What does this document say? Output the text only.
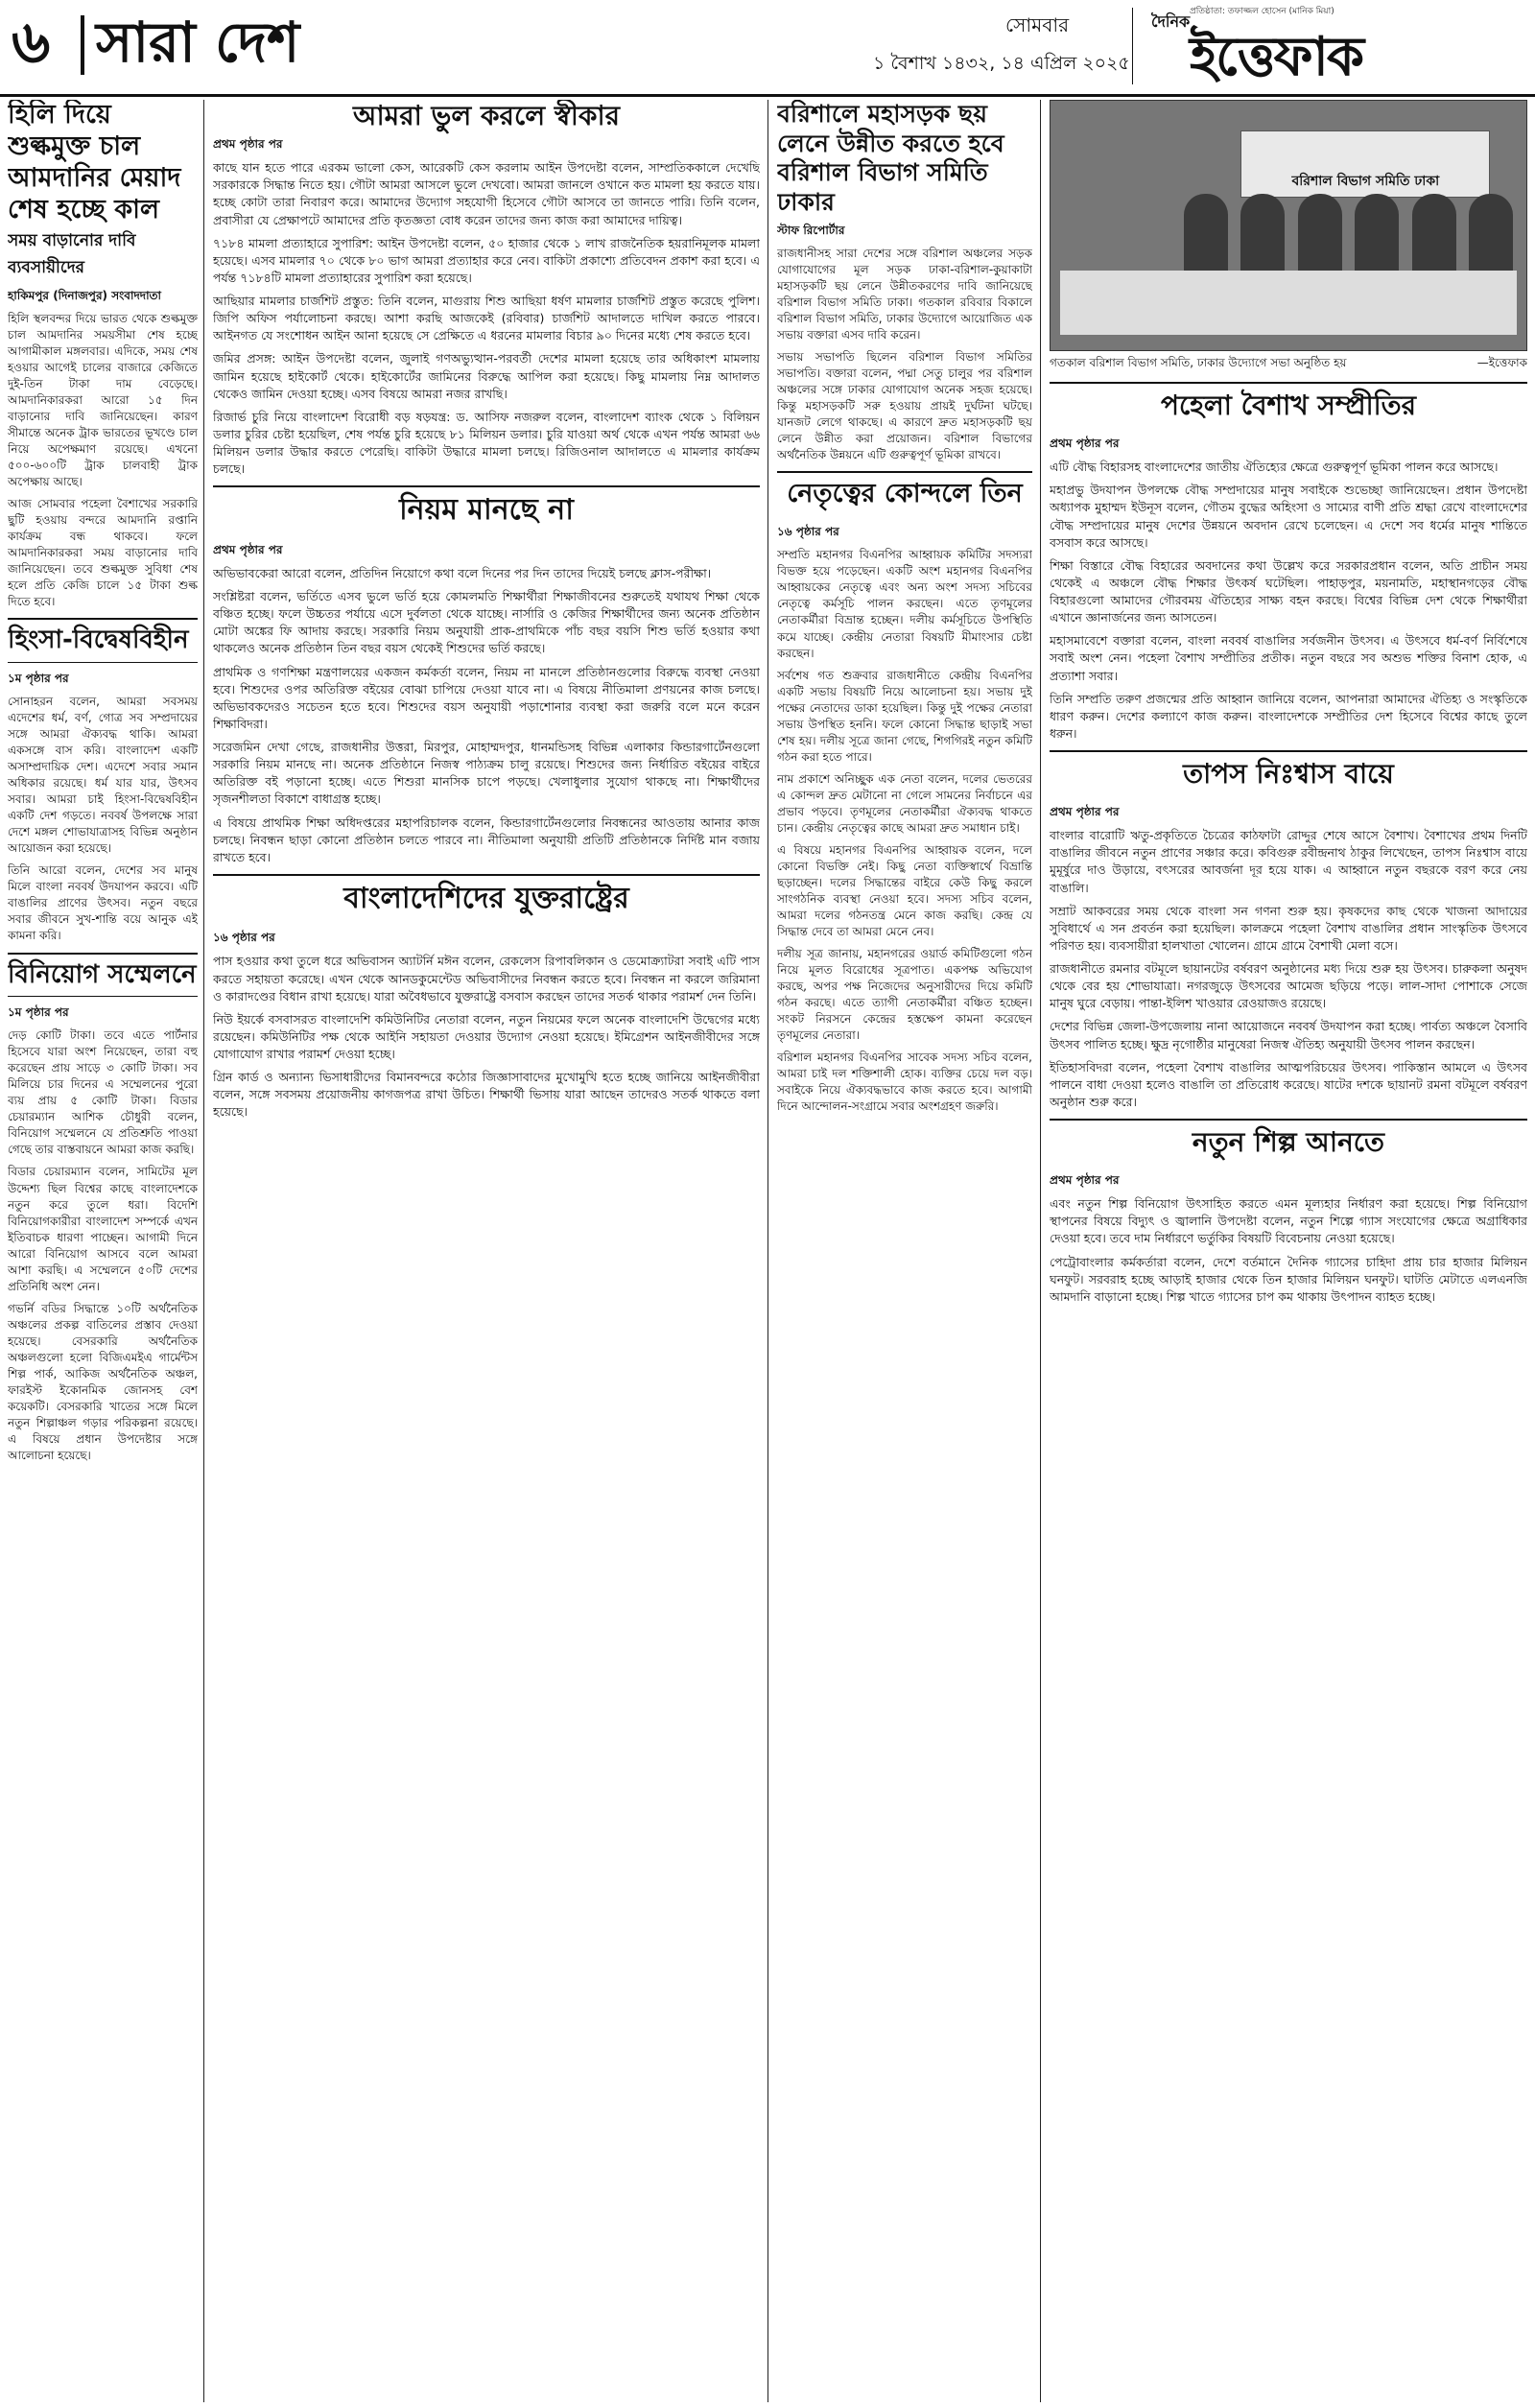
৬ সারা দেশ	সোমবার
১ বৈশাখ ১৪৩২, ১৪ এপ্রিল ২০২৫
দৈনিক
প্রতিষ্ঠাতা: তফাজ্জল হোসেন (মানিক মিয়া)
ইত্তেফাক
হিলি দিয়ে শুল্কমুক্ত চাল আমদানির মেয়াদ
শেষ হচ্ছে কাল
সময় বাড়ানোর দাবি ব্যবসায়ীদের
হাকিমপুর (দিনাজপুর) সংবাদদাতা

হিলি স্থলবন্দর দিয়ে ভারত থেকে শুল্কমুক্ত চাল আমদানির সময়সীমা শেষ হচ্ছে আগামীকাল মঙ্গলবার। এদিকে, সময় শেষ হওয়ার আগেই চালের বাজারে কেজিতে দুই-তিন টাকা দাম বেড়েছে। আমদানিকারকরা আরো ১৫ দিন বাড়ানোর দাবি জানিয়েছেন। কারণ সীমান্তে অনেক ট্রাক ভারতের ভূখণ্ডে চাল নিয়ে অপেক্ষমাণ রয়েছে। এখনো ৫০০-৬০০টি ট্রাক চালবাহী ট্রাক অপেক্ষায় আছে।

আজ সোমবার পহেলা বৈশাখের সরকারি ছুটি হওয়ায় বন্দরে আমদানি রপ্তানি কার্যক্রম বন্ধ থাকবে। ফলে আমদানিকারকরা সময় বাড়ানোর দাবি জানিয়েছেন। তবে শুল্কমুক্ত সুবিধা শেষ হলে প্রতি কেজি চালে ১৫ টাকা শুল্ক দিতে হবে।

হিংসা-বিদ্বেষবিহীন
১ম পৃষ্ঠার পর

সোনাহরন বলেন, আমরা সবসময় এদেশের ধর্ম, বর্ণ, গোত্র সব সম্প্রদায়ের সঙ্গে আমরা ঐক্যবদ্ধ থাকি। আমরা একসঙ্গে বাস করি। বাংলাদেশ একটি অসাম্প্রদায়িক দেশ। এদেশে সবার সমান অধিকার রয়েছে। ধর্ম যার যার, উৎসব সবার। আমরা চাই হিংসা-বিদ্বেষবিহীন একটি দেশ গড়তে। নববর্ষ উপলক্ষে সারা দেশে মঙ্গল শোভাযাত্রাসহ বিভিন্ন অনুষ্ঠান আয়োজন করা হয়েছে।

তিনি আরো বলেন, দেশের সব মানুষ মিলে বাংলা নববর্ষ উদযাপন করবে। এটি বাঙালির প্রাণের উৎসব। নতুন বছরে সবার জীবনে সুখ-শান্তি বয়ে আনুক এই কামনা করি।

বিনিয়োগ সম্মেলনে
১ম পৃষ্ঠার পর

দেড় কোটি টাকা। তবে এতে পার্টনার হিসেবে যারা অংশ নিয়েছেন, তারা বহু করেছেন প্রায় সাড়ে ৩ কোটি টাকা। সব মিলিয়ে চার দিনের এ সম্মেলনের পুরো ব্যয় প্রায় ৫ কোটি টাকা। বিডার চেয়ারম্যান আশিক চৌধুরী বলেন, বিনিয়োগ সম্মেলনে যে প্রতিশ্রুতি পাওয়া গেছে তার বাস্তবায়নে আমরা কাজ করছি।

বিডার চেয়ারম্যান বলেন, সামিটের মূল উদ্দেশ্য ছিল বিশ্বের কাছে বাংলাদেশকে নতুন করে তুলে ধরা। বিদেশি বিনিয়োগকারীরা বাংলাদেশ সম্পর্কে এখন ইতিবাচক ধারণা পাচ্ছেন। আগামী দিনে আরো বিনিয়োগ আসবে বলে আমরা আশা করছি। এ সম্মেলনে ৫০টি দেশের প্রতিনিধি অংশ নেন।

গভর্নি বডির সিদ্ধান্তে ১০টি অর্থনৈতিক অঞ্চলের প্রকল্প বাতিলের প্রস্তাব দেওয়া হয়েছে। বেসরকারি অর্থনৈতিক অঞ্চলগুলো হলো বিজিএমইএ গার্মেন্টস শিল্প পার্ক, আকিজ অর্থনৈতিক অঞ্চল, ফারইস্ট ইকোনমিক জোনসহ বেশ কয়েকটি। বেসরকারি খাতের সঙ্গে মিলে নতুন শিল্পাঞ্চল গড়ার পরিকল্পনা রয়েছে। এ বিষয়ে প্রধান উপদেষ্টার সঙ্গে আলোচনা হয়েছে।

আমরা ভুল করলে স্বীকার
প্রথম পৃষ্ঠার পর

কাছে যান হতে পারে এরকম ভালো কেস, আরেকটি কেস করলাম আইন উপদেষ্টা বলেন, সাম্প্রতিককালে দেখেছি সরকারকে সিদ্ধান্ত নিতে হয়। গৌটা আমরা আসলে ভুলে দেখবো। আমরা জানলে ওখানে কত মামলা হয় করতে যায়। হচ্ছে কোটা তারা নিবারণ করে। আমাদের উদ্যোগ সহযোগী হিসেবে গৌটা আসবে তা জানতে পারি। তিনি বলেন, প্রবাসীরা যে প্রেক্ষাপটে আমাদের প্রতি কৃতজ্ঞতা বোধ করেন তাদের জন্য কাজ করা আমাদের দায়িত্ব।

৭১৮৪ মামলা প্রত্যাহারে সুপারিশ: আইন উপদেষ্টা বলেন, ৫০ হাজার থেকে ১ লাখ রাজনৈতিক হয়রানিমূলক মামলা হয়েছে। এসব মামলার ৭০ থেকে ৮০ ভাগ আমরা প্রত্যাহার করে নেব। বাকিটা প্রকাশ্যে প্রতিবেদন প্রকাশ করা হবে। এ পর্যন্ত ৭১৮৪টি মামলা প্রত্যাহারের সুপারিশ করা হয়েছে।

আছিয়ার মামলার চার্জশিট প্রস্তুত: তিনি বলেন, মাগুরায় শিশু আছিয়া ধর্ষণ মামলার চার্জশিট প্রস্তুত করেছে পুলিশ। জিপি অফিস পর্যালোচনা করছে। আশা করছি আজকেই (রবিবার) চার্জশিট আদালতে দাখিল করতে পারবে। আইনগত যে সংশোধন আইন আনা হয়েছে সে প্রেক্ষিতে এ ধরনের মামলার বিচার ৯০ দিনের মধ্যে শেষ করতে হবে।

জমির প্রসঙ্গ: আইন উপদেষ্টা বলেন, জুলাই গণঅভ্যুত্থান-পরবর্তী দেশের মামলা হয়েছে তার অধিকাংশ মামলায় জামিন হয়েছে হাইকোর্ট থেকে। হাইকোর্টের জামিনের বিরুদ্ধে আপিল করা হয়েছে। কিছু মামলায় নিম্ন আদালত থেকেও জামিন দেওয়া হচ্ছে। এসব বিষয়ে আমরা নজর রাখছি।

রিজার্ভ চুরি নিয়ে বাংলাদেশ বিরোধী বড় ষড়যন্ত্র: ড. আসিফ নজরুল বলেন, বাংলাদেশ ব্যাংক থেকে ১ বিলিয়ন ডলার চুরির চেষ্টা হয়েছিল, শেষ পর্যন্ত চুরি হয়েছে ৮১ মিলিয়ন ডলার। চুরি যাওয়া অর্থ থেকে এখন পর্যন্ত আমরা ৬৬ মিলিয়ন ডলার উদ্ধার করতে পেরেছি। বাকিটা উদ্ধারে মামলা চলছে। রিজিওনাল আদালতে এ মামলার কার্যক্রম চলছে।

নিয়ম মানছে না
প্রথম পৃষ্ঠার পর

অভিভাবকেরা আরো বলেন, প্রতিদিন নিয়োগে কথা বলে দিনের পর দিন তাদের দিয়েই চলছে ক্লাস-পরীক্ষা।

সংশ্লিষ্টরা বলেন, ভর্তিতে এসব ভুলে ভর্তি হয়ে কোমলমতি শিক্ষার্থীরা শিক্ষাজীবনের শুরুতেই যথাযথ শিক্ষা থেকে বঞ্চিত হচ্ছে। ফলে উচ্চতর পর্যায়ে এসে দুর্বলতা থেকে যাচ্ছে। নার্সারি ও কেজির শিক্ষার্থীদের জন্য অনেক প্রতিষ্ঠান মোটা অঙ্কের ফি আদায় করছে। সরকারি নিয়ম অনুযায়ী প্রাক-প্রাথমিকে পাঁচ বছর বয়সি শিশু ভর্তি হওয়ার কথা থাকলেও অনেক প্রতিষ্ঠান তিন বছর বয়স থেকেই শিশুদের ভর্তি করছে।

প্রাথমিক ও গণশিক্ষা মন্ত্রণালয়ের একজন কর্মকর্তা বলেন, নিয়ম না মানলে প্রতিষ্ঠানগুলোর বিরুদ্ধে ব্যবস্থা নেওয়া হবে। শিশুদের ওপর অতিরিক্ত বইয়ের বোঝা চাপিয়ে দেওয়া যাবে না। এ বিষয়ে নীতিমালা প্রণয়নের কাজ চলছে। অভিভাবকদেরও সচেতন হতে হবে। শিশুদের বয়স অনুযায়ী পড়াশোনার ব্যবস্থা করা জরুরি বলে মনে করেন শিক্ষাবিদরা।

সরেজমিন দেখা গেছে, রাজধানীর উত্তরা, মিরপুর, মোহাম্মদপুর, ধানমন্ডিসহ বিভিন্ন এলাকার কিন্ডারগার্টেনগুলো সরকারি নিয়ম মানছে না। অনেক প্রতিষ্ঠানে নিজস্ব পাঠ্যক্রম চালু রয়েছে। শিশুদের জন্য নির্ধারিত বইয়ের বাইরে অতিরিক্ত বই পড়ানো হচ্ছে। এতে শিশুরা মানসিক চাপে পড়ছে। খেলাধুলার সুযোগ থাকছে না। শিক্ষার্থীদের সৃজনশীলতা বিকাশে বাধাগ্রস্ত হচ্ছে।

এ বিষয়ে প্রাথমিক শিক্ষা অধিদপ্তরের মহাপরিচালক বলেন, কিন্ডারগার্টেনগুলোর নিবন্ধনের আওতায় আনার কাজ চলছে। নিবন্ধন ছাড়া কোনো প্রতিষ্ঠান চলতে পারবে না। নীতিমালা অনুযায়ী প্রতিটি প্রতিষ্ঠানকে নির্দিষ্ট মান বজায় রাখতে হবে।

বাংলাদেশিদের যুক্তরাষ্ট্রের
১৬ পৃষ্ঠার পর

পাস হওয়ার কথা তুলে ধরে অভিবাসন অ্যাটর্নি মঈন বলেন, রেকলেস রিপাবলিকান ও ডেমোক্র্যাটরা সবাই এটি পাস করতে সহায়তা করেছে। এখন থেকে আনডকুমেন্টেড অভিবাসীদের নিবন্ধন করতে হবে। নিবন্ধন না করলে জরিমানা ও কারাদণ্ডের বিধান রাখা হয়েছে। যারা অবৈধভাবে যুক্তরাষ্ট্রে বসবাস করছেন তাদের সতর্ক থাকার পরামর্শ দেন তিনি।

নিউ ইয়র্কে বসবাসরত বাংলাদেশি কমিউনিটির নেতারা বলেন, নতুন নিয়মের ফলে অনেক বাংলাদেশি উদ্বেগের মধ্যে রয়েছেন। কমিউনিটির পক্ষ থেকে আইনি সহায়তা দেওয়ার উদ্যোগ নেওয়া হয়েছে। ইমিগ্রেশন আইনজীবীদের সঙ্গে যোগাযোগ রাখার পরামর্শ দেওয়া হচ্ছে।

গ্রিন কার্ড ও অন্যান্য ভিসাধারীদের বিমানবন্দরে কঠোর জিজ্ঞাসাবাদের মুখোমুখি হতে হচ্ছে জানিয়ে আইনজীবীরা বলেন, সঙ্গে সবসময় প্রয়োজনীয় কাগজপত্র রাখা উচিত। শিক্ষার্থী ভিসায় যারা আছেন তাদেরও সতর্ক থাকতে বলা হয়েছে।

বরিশালে মহাসড়ক ছয় লেনে উন্নীত করতে হবে বরিশাল বিভাগ সমিতি ঢাকার
স্টাফ রিপোর্টার

রাজধানীসহ সারা দেশের সঙ্গে বরিশাল অঞ্চলের সড়ক যোগাযোগের মূল সড়ক ঢাকা-বরিশাল-কুয়াকাটা মহাসড়কটি ছয় লেনে উন্নীতকরণের দাবি জানিয়েছে বরিশাল বিভাগ সমিতি ঢাকা। গতকাল রবিবার বিকালে বরিশাল বিভাগ সমিতি, ঢাকার উদ্যোগে আয়োজিত এক সভায় বক্তারা এসব দাবি করেন।

সভায় সভাপতি ছিলেন বরিশাল বিভাগ সমিতির সভাপতি। বক্তারা বলেন, পদ্মা সেতু চালুর পর বরিশাল অঞ্চলের সঙ্গে ঢাকার যোগাযোগ অনেক সহজ হয়েছে। কিন্তু মহাসড়কটি সরু হওয়ায় প্রায়ই দুর্ঘটনা ঘটছে। যানজট লেগে থাকছে। এ কারণে দ্রুত মহাসড়কটি ছয় লেনে উন্নীত করা প্রয়োজন। বরিশাল বিভাগের অর্থনৈতিক উন্নয়নে এটি গুরুত্বপূর্ণ ভূমিকা রাখবে।

নেতৃত্বের কোন্দলে তিন
১৬ পৃষ্ঠার পর

সম্প্রতি মহানগর বিএনপির আহ্বায়ক কমিটির সদস্যরা বিভক্ত হয়ে পড়েছেন। একটি অংশ মহানগর বিএনপির আহ্বায়কের নেতৃত্বে এবং অন্য অংশ সদস্য সচিবের নেতৃত্বে কর্মসূচি পালন করছেন। এতে তৃণমূলের নেতাকর্মীরা বিভ্রান্ত হচ্ছেন। দলীয় কর্মসূচিতে উপস্থিতি কমে যাচ্ছে। কেন্দ্রীয় নেতারা বিষয়টি মীমাংসার চেষ্টা করছেন।

সর্বশেষ গত শুক্রবার রাজধানীতে কেন্দ্রীয় বিএনপির একটি সভায় বিষয়টি নিয়ে আলোচনা হয়। সভায় দুই পক্ষের নেতাদের ডাকা হয়েছিল। কিন্তু দুই পক্ষের নেতারা সভায় উপস্থিত হননি। ফলে কোনো সিদ্ধান্ত ছাড়াই সভা শেষ হয়। দলীয় সূত্রে জানা গেছে, শিগগিরই নতুন কমিটি গঠন করা হতে পারে।

নাম প্রকাশে অনিচ্ছুক এক নেতা বলেন, দলের ভেতরের এ কোন্দল দ্রুত মেটানো না গেলে সামনের নির্বাচনে এর প্রভাব পড়বে। তৃণমূলের নেতাকর্মীরা ঐক্যবদ্ধ থাকতে চান। কেন্দ্রীয় নেতৃত্বের কাছে আমরা দ্রুত সমাধান চাই।

এ বিষয়ে মহানগর বিএনপির আহ্বায়ক বলেন, দলে কোনো বিভক্তি নেই। কিছু নেতা ব্যক্তিস্বার্থে বিভ্রান্তি ছড়াচ্ছেন। দলের সিদ্ধান্তের বাইরে কেউ কিছু করলে সাংগঠনিক ব্যবস্থা নেওয়া হবে। সদস্য সচিব বলেন, আমরা দলের গঠনতন্ত্র মেনে কাজ করছি। কেন্দ্র যে সিদ্ধান্ত দেবে তা আমরা মেনে নেব।

দলীয় সূত্র জানায়, মহানগরের ওয়ার্ড কমিটিগুলো গঠন নিয়ে মূলত বিরোধের সূত্রপাত। একপক্ষ অভিযোগ করছে, অপর পক্ষ নিজেদের অনুসারীদের দিয়ে কমিটি গঠন করছে। এতে ত্যাগী নেতাকর্মীরা বঞ্চিত হচ্ছেন। সংকট নিরসনে কেন্দ্রের হস্তক্ষেপ কামনা করেছেন তৃণমূলের নেতারা।

বরিশাল মহানগর বিএনপির সাবেক সদস্য সচিব বলেন, আমরা চাই দল শক্তিশালী হোক। ব্যক্তির চেয়ে দল বড়। সবাইকে নিয়ে ঐক্যবদ্ধভাবে কাজ করতে হবে। আগামী দিনে আন্দোলন-সংগ্রামে সবার অংশগ্রহণ জরুরি।

বরিশাল বিভাগ সমিতি ঢাকা
গতকাল বরিশাল বিভাগ সমিতি, ঢাকার উদ্যোগে সভা অনুষ্ঠিত হয়	—ইত্তেফাক
পহেলা বৈশাখ সম্প্রীতির
প্রথম পৃষ্ঠার পর

এটি বৌদ্ধ বিহারসহ বাংলাদেশের জাতীয় ঐতিহ্যের ক্ষেত্রে গুরুত্বপূর্ণ ভূমিকা পালন করে আসছে।

মহাপ্রভু উদযাপন উপলক্ষে বৌদ্ধ সম্প্রদায়ের মানুষ সবাইকে শুভেচ্ছা জানিয়েছেন। প্রধান উপদেষ্টা অধ্যাপক মুহাম্মদ ইউনূস বলেন, গৌতম বুদ্ধের অহিংসা ও সাম্যের বাণী প্রতি শ্রদ্ধা রেখে বাংলাদেশের বৌদ্ধ সম্প্রদায়ের মানুষ দেশের উন্নয়নে অবদান রেখে চলেছেন। এ দেশে সব ধর্মের মানুষ শান্তিতে বসবাস করে আসছে।

শিক্ষা বিস্তারে বৌদ্ধ বিহারের অবদানের কথা উল্লেখ করে সরকারপ্রধান বলেন, অতি প্রাচীন সময় থেকেই এ অঞ্চলে বৌদ্ধ শিক্ষার উৎকর্ষ ঘটেছিল। পাহাড়পুর, ময়নামতি, মহাস্থানগড়ের বৌদ্ধ বিহারগুলো আমাদের গৌরবময় ঐতিহ্যের সাক্ষ্য বহন করছে। বিশ্বের বিভিন্ন দেশ থেকে শিক্ষার্থীরা এখানে জ্ঞানার্জনের জন্য আসতেন।

মহাসমাবেশে বক্তারা বলেন, বাংলা নববর্ষ বাঙালির সর্বজনীন উৎসব। এ উৎসবে ধর্ম-বর্ণ নির্বিশেষে সবাই অংশ নেন। পহেলা বৈশাখ সম্প্রীতির প্রতীক। নতুন বছরে সব অশুভ শক্তির বিনাশ হোক, এ প্রত্যাশা সবার।

তিনি সম্প্রতি তরুণ প্রজন্মের প্রতি আহ্বান জানিয়ে বলেন, আপনারা আমাদের ঐতিহ্য ও সংস্কৃতিকে ধারণ করুন। দেশের কল্যাণে কাজ করুন। বাংলাদেশকে সম্প্রীতির দেশ হিসেবে বিশ্বের কাছে তুলে ধরুন।

তাপস নিঃশ্বাস বায়ে
প্রথম পৃষ্ঠার পর

বাংলার বারোটি ঋতু-প্রকৃতিতে চৈত্রের কাঠফাটা রোদ্দুর শেষে আসে বৈশাখ। বৈশাখের প্রথম দিনটি বাঙালির জীবনে নতুন প্রাণের সঞ্চার করে। কবিগুরু রবীন্দ্রনাথ ঠাকুর লিখেছেন, তাপস নিঃশ্বাস বায়ে মুমূর্ষুরে দাও উড়ায়ে, বৎসরের আবর্জনা দূর হয়ে যাক। এ আহ্বানে নতুন বছরকে বরণ করে নেয় বাঙালি।

সম্রাট আকবরের সময় থেকে বাংলা সন গণনা শুরু হয়। কৃষকদের কাছ থেকে খাজনা আদায়ের সুবিধার্থে এ সন প্রবর্তন করা হয়েছিল। কালক্রমে পহেলা বৈশাখ বাঙালির প্রধান সাংস্কৃতিক উৎসবে পরিণত হয়। ব্যবসায়ীরা হালখাতা খোলেন। গ্রামে গ্রামে বৈশাখী মেলা বসে।

রাজধানীতে রমনার বটমূলে ছায়ানটের বর্ষবরণ অনুষ্ঠানের মধ্য দিয়ে শুরু হয় উৎসব। চারুকলা অনুষদ থেকে বের হয় শোভাযাত্রা। নগরজুড়ে উৎসবের আমেজ ছড়িয়ে পড়ে। লাল-সাদা পোশাকে সেজে মানুষ ঘুরে বেড়ায়। পান্তা-ইলিশ খাওয়ার রেওয়াজও রয়েছে।

দেশের বিভিন্ন জেলা-উপজেলায় নানা আয়োজনে নববর্ষ উদযাপন করা হচ্ছে। পার্বত্য অঞ্চলে বৈসাবি উৎসব পালিত হচ্ছে। ক্ষুদ্র নৃগোষ্ঠীর মানুষেরা নিজস্ব ঐতিহ্য অনুযায়ী উৎসব পালন করছেন।

ইতিহাসবিদরা বলেন, পহেলা বৈশাখ বাঙালির আত্মপরিচয়ের উৎসব। পাকিস্তান আমলে এ উৎসব পালনে বাধা দেওয়া হলেও বাঙালি তা প্রতিরোধ করেছে। ষাটের দশকে ছায়ানট রমনা বটমূলে বর্ষবরণ অনুষ্ঠান শুরু করে।

নতুন শিল্প আনতে
প্রথম পৃষ্ঠার পর

এবং নতুন শিল্প বিনিয়োগ উৎসাহিত করতে এমন মূল্যহার নির্ধারণ করা হয়েছে। শিল্প বিনিয়োগ স্থাপনের বিষয়ে বিদ্যুৎ ও জ্বালানি উপদেষ্টা বলেন, নতুন শিল্পে গ্যাস সংযোগের ক্ষেত্রে অগ্রাধিকার দেওয়া হবে। তবে দাম নির্ধারণে ভর্তুকির বিষয়টি বিবেচনায় নেওয়া হয়েছে।

পেট্রোবাংলার কর্মকর্তারা বলেন, দেশে বর্তমানে দৈনিক গ্যাসের চাহিদা প্রায় চার হাজার মিলিয়ন ঘনফুট। সরবরাহ হচ্ছে আড়াই হাজার থেকে তিন হাজার মিলিয়ন ঘনফুট। ঘাটতি মেটাতে এলএনজি আমদানি বাড়ানো হচ্ছে। শিল্প খাতে গ্যাসের চাপ কম থাকায় উৎপাদন ব্যাহত হচ্ছে।
